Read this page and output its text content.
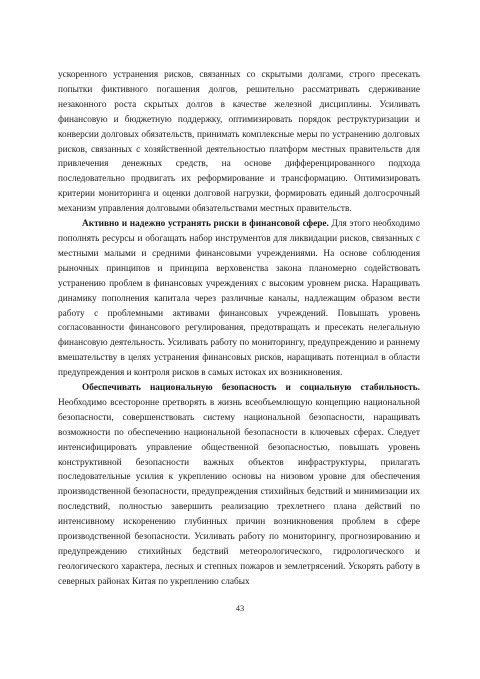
ускоренного устранения рисков, связанных со скрытыми долгами, строго пресекать попытки фиктивного погашения долгов, решительно рассматривать сдерживание незаконного роста скрытых долгов в качестве железной дисциплины. Усиливать финансовую и бюджетную поддержку, оптимизировать порядок реструктуризации и конверсии долговых обязательств, принимать комплексные меры по устранению долговых рисков, связанных с хозяйственной деятельностью платформ местных правительств для привлечения денежных средств, на основе дифференцированного подхода последовательно продвигать их реформирование и трансформацию. Оптимизировать критерии мониторинга и оценки долговой нагрузки, формировать единый долгосрочный механизм управления долговыми обязательствами местных правительств.

Активно и надежно устранять риски в финансовой сфере. Для этого необходимо пополнять ресурсы и обогащать набор инструментов для ликвидации рисков, связанных с местными малыми и средними финансовыми учреждениями. На основе соблюдения рыночных принципов и принципа верховенства закона планомерно содействовать устранению проблем в финансовых учреждениях с высоким уровнем риска. Наращивать динамику пополнения капитала через различные каналы, надлежащим образом вести работу с проблемными активами финансовых учреждений. Повышать уровень согласованности финансового регулирования, предотвращать и пресекать нелегальную финансовую деятельность. Усиливать работу по мониторингу, предупреждению и раннему вмешательству в целях устранения финансовых рисков, наращивать потенциал в области предупреждения и контроля рисков в самых истоках их возникновения.

Обеспечивать национальную безопасность и социальную стабильность. Необходимо всесторонне претворять в жизнь всеобъемлющую концепцию национальной безопасности, совершенствовать систему национальной безопасности, наращивать возможности по обеспечению национальной безопасности в ключевых сферах. Следует интенсифицировать управление общественной безопасностью, повышать уровень конструктивной безопасности важных объектов инфраструктуры, прилагать последовательные усилия к укреплению основы на низовом уровне для обеспечения производственной безопасности, предупреждения стихийных бедствий и минимизации их последствий, полностью завершить реализацию трехлетнего плана действий по интенсивному искоренению глубинных причин возникновения проблем в сфере производственной безопасности. Усиливать работу по мониторингу, прогнозированию и предупреждению стихийных бедствий метеорологического, гидрологического и геологического характера, лесных и степных пожаров и землетрясений. Ускорять работу в северных районах Китая по укреплению слабых

43
